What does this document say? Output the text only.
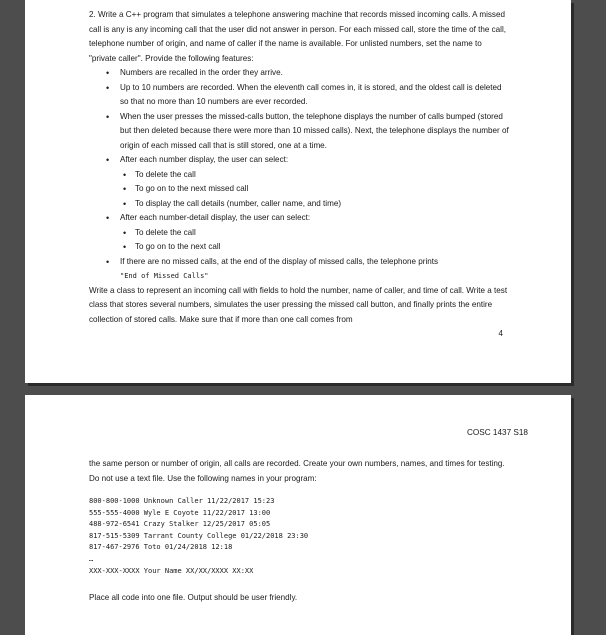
2. Write a C++ program that simulates a telephone answering machine that records missed incoming calls. A missed call is any is any incoming call that the user did not answer in person. For each missed call, store the time of the call, telephone number of origin, and name of caller if the name is available. For unlisted numbers, set the name to "private caller". Provide the following features:
• Numbers are recalled in the order they arrive.
• Up to 10 numbers are recorded. When the eleventh call comes in, it is stored, and the oldest call is deleted so that no more than 10 numbers are ever recorded.
• When the user presses the missed-calls button, the telephone displays the number of calls bumped (stored but then deleted because there were more than 10 missed calls). Next, the telephone displays the number of origin of each missed call that is still stored, one at a time.
• After each number display, the user can select:
• To delete the call
• To go on to the next missed call
• To display the call details (number, caller name, and time)
• After each number-detail display, the user can select:
• To delete the call
• To go on to the next call
• If there are no missed calls, at the end of the display of missed calls, the telephone prints
"End of Missed Calls"
Write a class to represent an incoming call with fields to hold the number, name of caller, and time of call. Write a test class that stores several numbers, simulates the user pressing the missed call button, and finally prints the entire collection of stored calls. Make sure that if more than one call comes from
4
COSC 1437 S18
the same person or number of origin, all calls are recorded. Create your own numbers, names, and times for testing. Do not use a text file. Use the following names in your program:
800-800-1000 Unknown Caller 11/22/2017 15:23
555-555-4000 Wyle E Coyote 11/22/2017 13:00
488-972-6541 Crazy Stalker 12/25/2017 05:05
817-515-5309 Tarrant County College 01/22/2018 23:30
817-467-2976 Toto 01/24/2018 12:18
…
XXX-XXX-XXXX Your Name XX/XX/XXXX XX:XX
Place all code into one file. Output should be user friendly.
